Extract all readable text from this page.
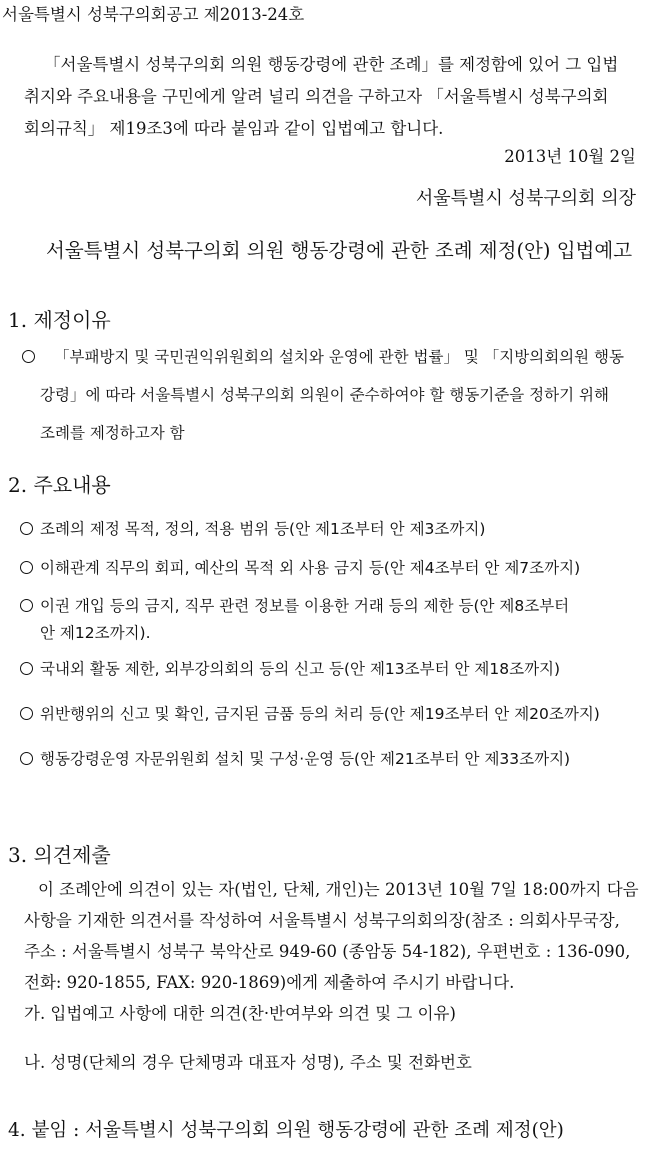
서울특별시 성북구의회공고 제2013-24호

「서울특별시 성북구의회 의원 행동강령에 관한 조례」를 제정함에 있어 그 입법

취지와 주요내용을 구민에게 알려 널리 의견을 구하고자 「서울특별시 성북구의회

회의규칙」 제19조3에 따라 붙임과 같이 입법예고 합니다.

2013년 10월 2일

서울특별시 성북구의회 의장

서울특별시 성북구의회 의원 행동강령에 관한 조례 제정(안) 입법예고

1. 제정이유

「부패방지 및 국민권익위원회의 설치와 운영에 관한 법률」 및 「지방의회의원 행동

강령」에 따라 서울특별시 성북구의회 의원이 준수하여야 할 행동기준을 정하기 위해

조례를 제정하고자 함

2. 주요내용

조례의 제정 목적, 정의, 적용 범위 등(안 제1조부터 안 제3조까지)

이해관계 직무의 회피, 예산의 목적 외 사용 금지 등(안 제4조부터 안 제7조까지)

이권 개입 등의 금지, 직무 관련 정보를 이용한 거래 등의 제한 등(안 제8조부터

안 제12조까지).

국내외 활동 제한, 외부강의회의 등의 신고 등(안 제13조부터 안 제18조까지)

위반행위의 신고 및 확인, 금지된 금품 등의 처리 등(안 제19조부터 안 제20조까지)

행동강령운영 자문위원회 설치 및 구성·운영 등(안 제21조부터 안 제33조까지)

3. 의견제출

이 조례안에 의견이 있는 자(법인, 단체, 개인)는 2013년 10월 7일 18:00까지 다음

사항을 기재한 의견서를 작성하여 서울특별시 성북구의회의장(참조 : 의회사무국장,

주소 : 서울특별시 성북구 북악산로 949-60 (종암동 54-182), 우편번호 : 136-090,

전화: 920-1855, FAX: 920-1869)에게 제출하여 주시기 바랍니다.

가. 입법예고 사항에 대한 의견(찬·반여부와 의견 및 그 이유)

나. 성명(단체의 경우 단체명과 대표자 성명), 주소 및 전화번호

4. 붙임 : 서울특별시 성북구의회 의원 행동강령에 관한 조례 제정(안)
